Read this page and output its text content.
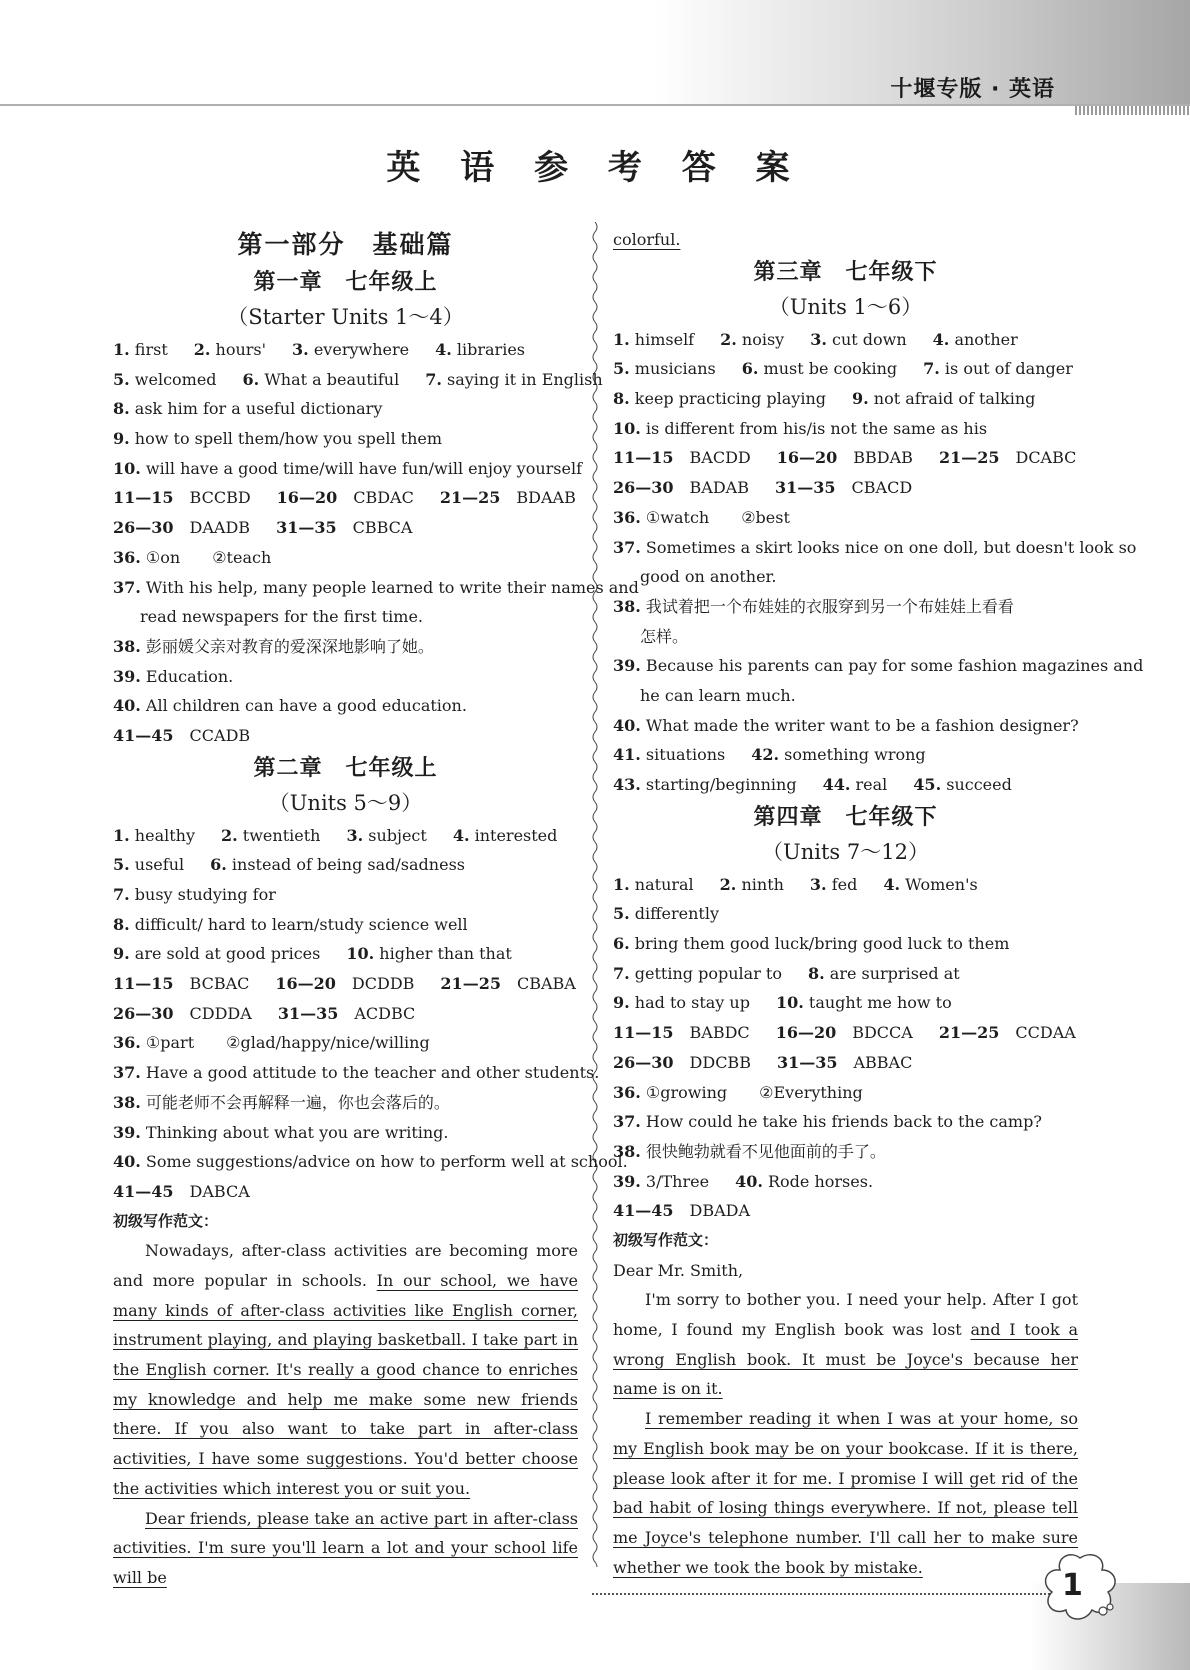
十堰专版 · 英语
英 语 参 考 答 案
第一部分　基础篇
第一章　七年级上
（Starter Units 1～4）
1. first 2. hours' 3. everywhere 4. libraries
5. welcomed 6. What a beautiful 7. saying it in English
8. ask him for a useful dictionary
9. how to spell them/how you spell them
10. will have a good time/will have fun/will enjoy yourself
11—15　BCCBD 16—20　CBDAC 21—25　BDAAB
26—30　DAADB 31—35　CBBCA
36. ①on　　②teach
37. With his help, many people learned to write their names and
read newspapers for the first time.
38. 彭丽媛父亲对教育的爱深深地影响了她。
39. Education.
40. All children can have a good education.
41—45　CCADB
第二章　七年级上
（Units 5～9）
1. healthy 2. twentieth 3. subject 4. interested
5. useful 6. instead of being sad/sadness
7. busy studying for
8. difficult/ hard to learn/study science well
9. are sold at good prices 10. higher than that
11—15　BCBAC 16—20　DCDDB 21—25　CBABA
26—30　CDDDA 31—35　ACDBC
36. ①part　　②glad/happy/nice/willing
37. Have a good attitude to the teacher and other students.
38. 可能老师不会再解释一遍，你也会落后的。
39. Thinking about what you are writing.
40. Some suggestions/advice on how to perform well at school.
41—45　DABCA
初级写作范文：

Nowadays, after-class activities are becoming more and more popular in schools. In our school, we have many kinds of after-class activities like English corner, instrument playing, and playing basketball. I take part in the English corner. It's really a good chance to enriches my knowledge and help me make some new friends there. If you also want to take part in after-class activities, I have some suggestions. You'd better choose the activities which interest you or suit you.

Dear friends, please take an active part in after-class activities. I'm sure you'll learn a lot and your school life will be

colorful.
第三章　七年级下
（Units 1～6）
1. himself 2. noisy 3. cut down 4. another
5. musicians 6. must be cooking 7. is out of danger
8. keep practicing playing 9. not afraid of talking
10. is different from his/is not the same as his
11—15　BACDD 16—20　BBDAB 21—25　DCABC
26—30　BADAB 31—35　CBACD
36. ①watch　　②best
37. Sometimes a skirt looks nice on one doll, but doesn't look so
good on another.
38. 我试着把一个布娃娃的衣服穿到另一个布娃娃上看看
怎样。
39. Because his parents can pay for some fashion magazines and
he can learn much.
40. What made the writer want to be a fashion designer?
41. situations 42. something wrong
43. starting/beginning 44. real 45. succeed
第四章　七年级下
（Units 7～12）
1. natural 2. ninth 3. fed 4. Women's
5. differently
6. bring them good luck/bring good luck to them
7. getting popular to 8. are surprised at
9. had to stay up 10. taught me how to
11—15　BABDC 16—20　BDCCA 21—25　CCDAA
26—30　DDCBB 31—35　ABBAC
36. ①growing　　②Everything
37. How could he take his friends back to the camp?
38. 很快鲍勃就看不见他面前的手了。
39. 3/Three 40. Rode horses.
41—45　DBADA
初级写作范文：
Dear Mr. Smith,

I'm sorry to bother you. I need your help. After I got home, I found my English book was lost and I took a wrong English book. It must be Joyce's because her name is on it.

I remember reading it when I was at your home, so my English book may be on your bookcase. If it is there, please look after it for me. I promise I will get rid of the bad habit of losing things everywhere. If not, please tell me Joyce's telephone number. I'll call her to make sure whether we took the book by mistake.

1
